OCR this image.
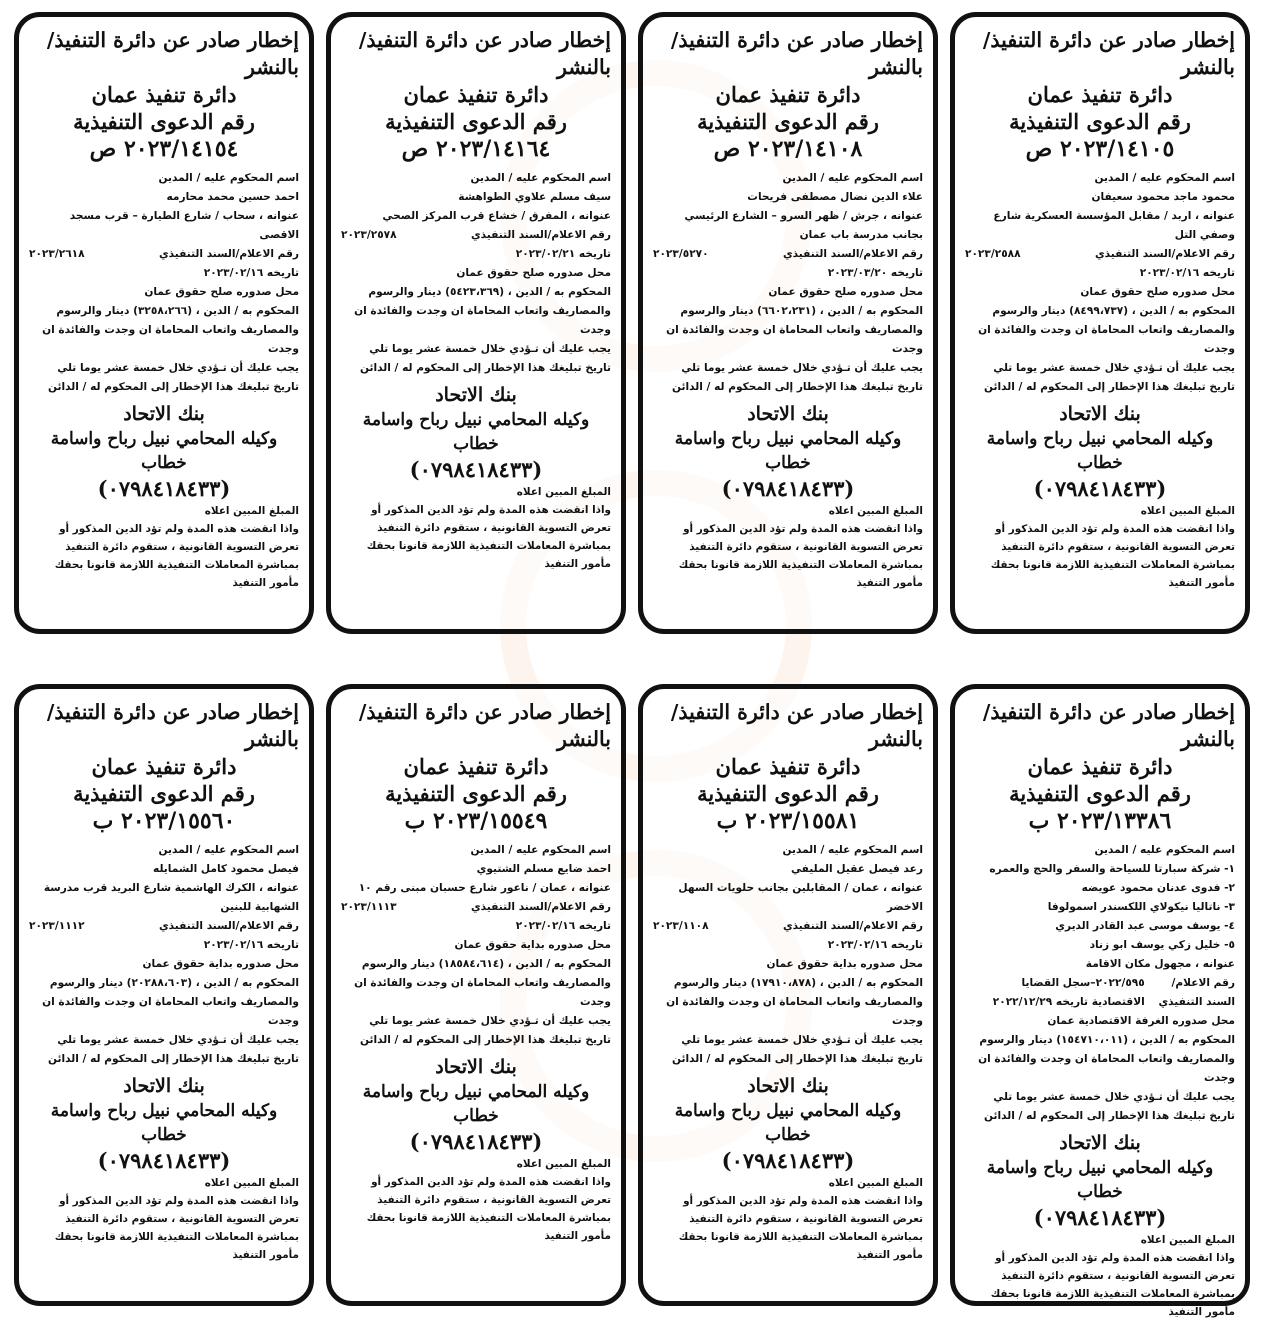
إخطار صادر عن دائرة التنفيذ/ بالنشر
دائرة تنفيذ عمان
رقم الدعوى التنفيذية
٢٠٢٣/١٤١٠٥ ص
اسم المحكوم عليه / المدين
محمود ماجد محمود سعيفان
عنوانه ، اربد / مقابل المؤسسة العسكرية شارع وصفي التل
رقم الاعلام/السند التنفيذي
٢٠٢٣/٢٥٨٨
تاريخه ٢٠٢٣/٠٢/١٦
محل صدوره صلح حقوق عمان
المحكوم به / الدين ، (٨٤٩٩،٧٣٧) دينار والرسوم والمصاريف واتعاب المحاماة ان وجدت والفائدة ان وجدت
يجب عليك أن تـؤدي خلال خمسة عشر يوما تلي تاريخ تبليغك هذا الإخطار إلى المحكوم له / الدائن
بنك الاتحاد
وكيله المحامي نبيل رباح واسامة خطاب
(٠٧٩٨٤١٨٤٣٣)
المبلغ المبين اعلاه
واذا انقضت هذه المدة ولم تؤد الدين المذكور أو تعرض التسوية القانونية ، ستقوم دائرة التنفيذ بمباشرة المعاملات التنفيذية اللازمة قانونا بحقك
مأمور التنفيذ
إخطار صادر عن دائرة التنفيذ/ بالنشر
دائرة تنفيذ عمان
رقم الدعوى التنفيذية
٢٠٢٣/١٤١٠٨ ص
اسم المحكوم عليه / المدين
علاء الدين نضال مصطفى فريحات
عنوانه ، جرش / ظهر السرو – الشارع الرئيسي بجانب مدرسة باب عمان
رقم الاعلام/السند التنفيذي
٢٠٢٣/٥٢٧٠
تاريخه ٢٠٢٣/٠٣/٢٠
محل صدوره صلح حقوق عمان
المحكوم به / الدين ، (٦٦٠٢،٢٣١) دينار والرسوم والمصاريف واتعاب المحاماة ان وجدت والفائدة ان وجدت
يجب عليك أن تـؤدي خلال خمسة عشر يوما تلي تاريخ تبليغك هذا الإخطار إلى المحكوم له / الدائن
بنك الاتحاد
وكيله المحامي نبيل رباح واسامة خطاب
(٠٧٩٨٤١٨٤٣٣)
المبلغ المبين اعلاه
واذا انقضت هذه المدة ولم تؤد الدين المذكور أو تعرض التسوية القانونية ، ستقوم دائرة التنفيذ بمباشرة المعاملات التنفيذية اللازمة قانونا بحقك
مأمور التنفيذ
إخطار صادر عن دائرة التنفيذ/ بالنشر
دائرة تنفيذ عمان
رقم الدعوى التنفيذية
٢٠٢٣/١٤١٦٤ ص
اسم المحكوم عليه / المدين
سيف مسلم علاوي الطواهشة
عنوانه ، المفرق / خشاع قرب المركز الصحي
رقم الاعلام/السند التنفيذي
٢٠٢٣/٢٥٧٨
تاريخه ٢٠٢٣/٠٢/٢١
محل صدوره صلح حقوق عمان
المحكوم به / الدين ، (٥٤٢٣،٣٦٩) دينار والرسوم والمصاريف واتعاب المحاماة ان وجدت والفائدة ان وجدت
يجب عليك أن تـؤدي خلال خمسة عشر يوما تلي تاريخ تبليغك هذا الإخطار إلى المحكوم له / الدائن
بنك الاتحاد
وكيله المحامي نبيل رباح واسامة خطاب
(٠٧٩٨٤١٨٤٣٣)
المبلغ المبين اعلاه
واذا انقضت هذه المدة ولم تؤد الدين المذكور أو تعرض التسوية القانونية ، ستقوم دائرة التنفيذ بمباشرة المعاملات التنفيذية اللازمة قانونا بحقك
مأمور التنفيذ
إخطار صادر عن دائرة التنفيذ/ بالنشر
دائرة تنفيذ عمان
رقم الدعوى التنفيذية
٢٠٢٣/١٤١٥٤ ص
اسم المحكوم عليه / المدين
احمد حسين محمد محارمه
عنوانه ، سحاب / شارع الطيارة – قرب مسجد الاقصى
رقم الاعلام/السند التنفيذي
٢٠٢٣/٢٦١٨
تاريخه ٢٠٢٣/٠٢/١٦
محل صدوره صلح حقوق عمان
المحكوم به / الدين ، (٣٢٥٨،٢٦٦) دينار والرسوم والمصاريف واتعاب المحاماة ان وجدت والفائدة ان وجدت
يجب عليك أن تـؤدي خلال خمسة عشر يوما تلي تاريخ تبليغك هذا الإخطار إلى المحكوم له / الدائن
بنك الاتحاد
وكيله المحامي نبيل رباح واسامة خطاب
(٠٧٩٨٤١٨٤٣٣)
المبلغ المبين اعلاه
واذا انقضت هذه المدة ولم تؤد الدين المذكور أو تعرض التسوية القانونية ، ستقوم دائرة التنفيذ بمباشرة المعاملات التنفيذية اللازمة قانونا بحقك
مأمور التنفيذ
إخطار صادر عن دائرة التنفيذ/ بالنشر
دائرة تنفيذ عمان
رقم الدعوى التنفيذية
٢٠٢٣/١٣٣٨٦ ب
اسم المحكوم عليه / المدين
١- شركة سبارتا للسياحة والسفر والحج والعمره
٢- فدوى عدنان محمود عويضه
٣- ناتاليا نيكولاي اللكسندر اسمولوفا
٤- يوسف موسى عبد القادر الديري
٥- خليل زكي يوسف ابو زناد
عنوانه ، مجهول مكان الاقامة
رقم الاعلام/السند التنفيذي
٢٠٢٢/٥٩٥–سجل القضايا الاقتصادية تاريخه ٢٠٢٢/١٢/٢٩
محل صدوره الغرفة الاقتصادية عمان
المحكوم به / الدين ، (١٥٤٧١٠،٠١١) دينار والرسوم والمصاريف واتعاب المحاماة ان وجدت والفائدة ان وجدت
يجب عليك أن تـؤدي خلال خمسة عشر يوما تلي تاريخ تبليغك هذا الإخطار إلى المحكوم له / الدائن
بنك الاتحاد
وكيله المحامي نبيل رباح واسامة خطاب
(٠٧٩٨٤١٨٤٣٣)
المبلغ المبين اعلاه
واذا انقضت هذه المدة ولم تؤد الدين المذكور أو تعرض التسوية القانونية ، ستقوم دائرة التنفيذ بمباشرة المعاملات التنفيذية اللازمة قانونا بحقك
مأمور التنفيذ
إخطار صادر عن دائرة التنفيذ/ بالنشر
دائرة تنفيذ عمان
رقم الدعوى التنفيذية
٢٠٢٣/١٥٥٨١ ب
اسم المحكوم عليه / المدين
رعد فيصل عقيل المليفي
عنوانه ، عمان / المقابلين بجانب حلويات السهل الاخضر
رقم الاعلام/السند التنفيذي
٢٠٢٣/١١٠٨
تاريخه ٢٠٢٣/٠٢/١٦
محل صدوره بداية حقوق عمان
المحكوم به / الدين ، (١٧٩١٠،٨٧٨) دينار والرسوم والمصاريف واتعاب المحاماة ان وجدت والفائدة ان وجدت
يجب عليك أن تـؤدي خلال خمسة عشر يوما تلي تاريخ تبليغك هذا الإخطار إلى المحكوم له / الدائن
بنك الاتحاد
وكيله المحامي نبيل رباح واسامة خطاب
(٠٧٩٨٤١٨٤٣٣)
المبلغ المبين اعلاه
واذا انقضت هذه المدة ولم تؤد الدين المذكور أو تعرض التسوية القانونية ، ستقوم دائرة التنفيذ بمباشرة المعاملات التنفيذية اللازمة قانونا بحقك
مأمور التنفيذ
إخطار صادر عن دائرة التنفيذ/ بالنشر
دائرة تنفيذ عمان
رقم الدعوى التنفيذية
٢٠٢٣/١٥٥٤٩ ب
اسم المحكوم عليه / المدين
احمد ضايع مسلم الشتيوي
عنوانه ، عمان / ناعور شارع حسبان مبنى رقم ١٠
رقم الاعلام/السند التنفيذي
٢٠٢٣/١١١٣
تاريخه ٢٠٢٣/٠٢/١٦
محل صدوره بداية حقوق عمان
المحكوم به / الدين ، (١٨٥٨٤،٦١٤) دينار والرسوم والمصاريف واتعاب المحاماة ان وجدت والفائدة ان وجدت
يجب عليك أن تـؤدي خلال خمسة عشر يوما تلي تاريخ تبليغك هذا الإخطار إلى المحكوم له / الدائن
بنك الاتحاد
وكيله المحامي نبيل رباح واسامة خطاب
(٠٧٩٨٤١٨٤٣٣)
المبلغ المبين اعلاه
واذا انقضت هذه المدة ولم تؤد الدين المذكور أو تعرض التسوية القانونية ، ستقوم دائرة التنفيذ بمباشرة المعاملات التنفيذية اللازمة قانونا بحقك
مأمور التنفيذ
إخطار صادر عن دائرة التنفيذ/ بالنشر
دائرة تنفيذ عمان
رقم الدعوى التنفيذية
٢٠٢٣/١٥٥٦٠ ب
اسم المحكوم عليه / المدين
فيصل محمود كامل الشمايله
عنوانه ، الكرك الهاشمية شارع البريد قرب مدرسة الشهابية للبنين
رقم الاعلام/السند التنفيذي
٢٠٢٣/١١١٢
تاريخه ٢٠٢٣/٠٢/١٦
محل صدوره بداية حقوق عمان
المحكوم به / الدين ، (٢٠٢٨٨،٦٠٣) دينار والرسوم والمصاريف واتعاب المحاماة ان وجدت والفائدة ان وجدت
يجب عليك أن تـؤدي خلال خمسة عشر يوما تلي تاريخ تبليغك هذا الإخطار إلى المحكوم له / الدائن
بنك الاتحاد
وكيله المحامي نبيل رباح واسامة خطاب
(٠٧٩٨٤١٨٤٣٣)
المبلغ المبين اعلاه
واذا انقضت هذه المدة ولم تؤد الدين المذكور أو تعرض التسوية القانونية ، ستقوم دائرة التنفيذ بمباشرة المعاملات التنفيذية اللازمة قانونا بحقك
مأمور التنفيذ
